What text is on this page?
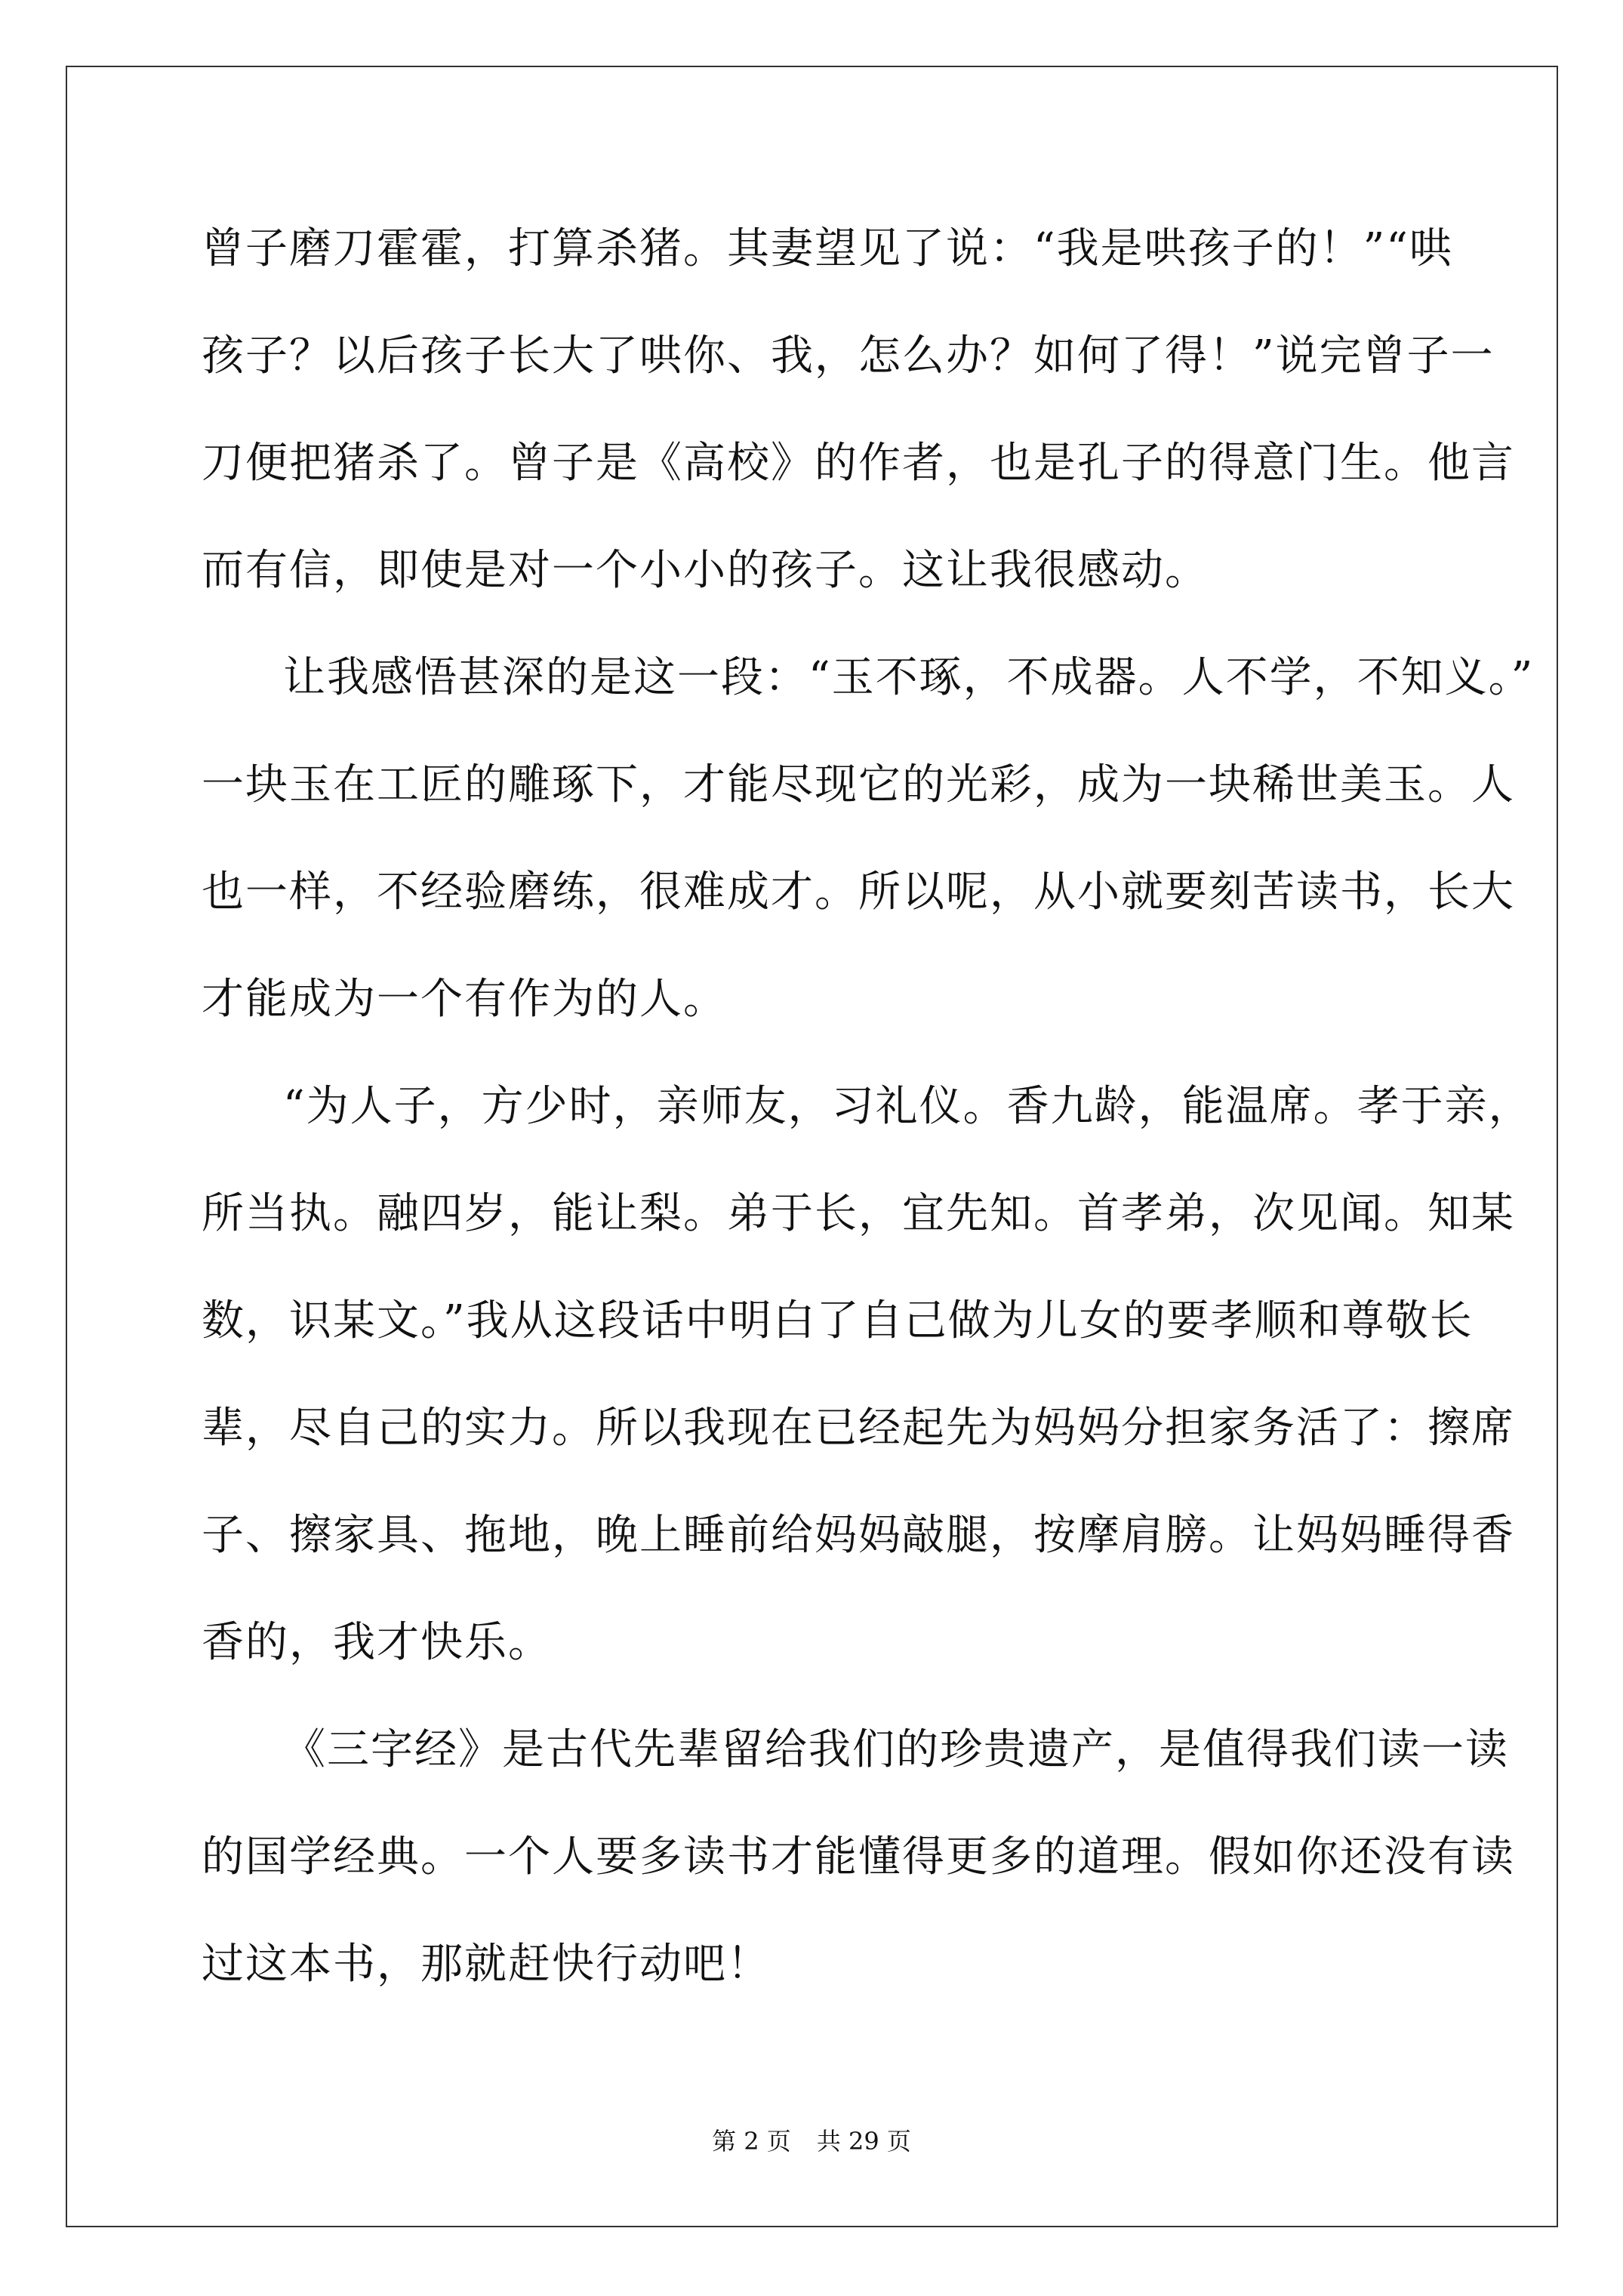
曾子磨刀霍霍，打算杀猪。其妻望见了说：“我是哄孩子的！”“哄
孩子？以后孩子长大了哄你、我，怎么办？如何了得！”说完曾子一
刀便把猪杀了。曾子是《高校》的作者，也是孔子的得意门生。他言
而有信，即使是对一个小小的孩子。这让我很感动。
让我感悟甚深的是这一段：“玉不琢，不成器。人不学，不知义。”
一块玉在工匠的雕琢下，才能尽现它的光彩，成为一块稀世美玉。人
也一样，不经验磨练，很难成才。所以呢，从小就要刻苦读书，长大
才能成为一个有作为的人。
“为人子，方少时，亲师友，习礼仪。香九龄，能温席。孝于亲，
所当执。融四岁，能让梨。弟于长，宜先知。首孝弟，次见闻。知某
数，识某文。”我从这段话中明白了自己做为儿女的要孝顺和尊敬长
辈，尽自己的实力。所以我现在已经起先为妈妈分担家务活了：擦席
子、擦家具、拖地，晚上睡前给妈妈敲腿，按摩肩膀。让妈妈睡得香
香的，我才快乐。
《三字经》是古代先辈留给我们的珍贵遗产，是值得我们读一读
的国学经典。一个人要多读书才能懂得更多的道理。假如你还没有读
过这本书，那就赶快行动吧！
第 2 页 共 29 页
